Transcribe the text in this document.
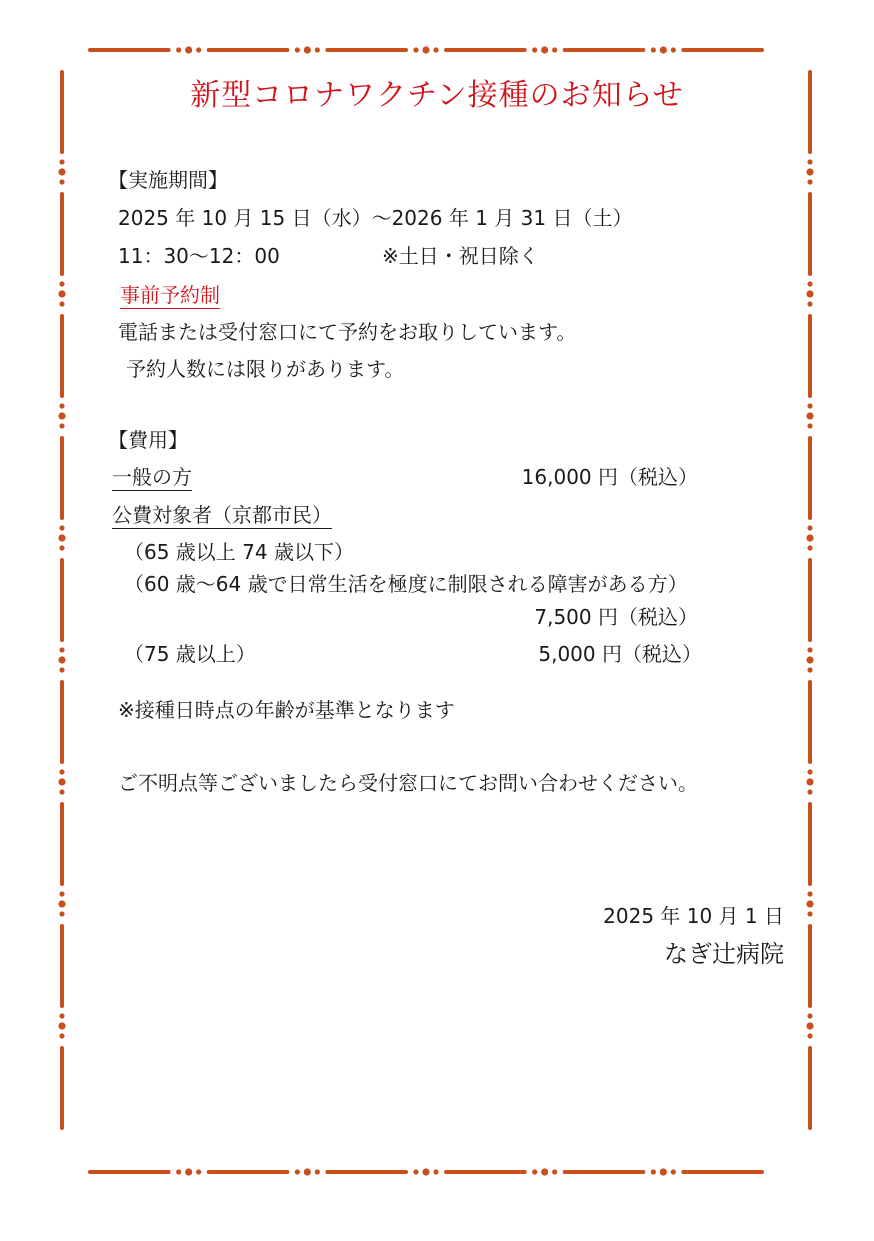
新型コロナワクチン接種のお知らせ
【実施期間】
2025 年 10 月 15 日（水）～2026 年 1 月 31 日（土）
11：30～12：00	※土日・祝日除く
事前予約制
電話または受付窓口にて予約をお取りしています。
予約人数には限りがあります。
【費用】
一般の方	16,000 円（税込）
公費対象者（京都市民）
（65 歳以上 74 歳以下）
（60 歳～64 歳で日常生活を極度に制限される障害がある方）
7,500 円（税込）
（75 歳以上）	5,000 円（税込）
※接種日時点の年齢が基準となります
ご不明点等ございましたら受付窓口にてお問い合わせください。
2025 年 10 月 1 日
なぎ辻病院
